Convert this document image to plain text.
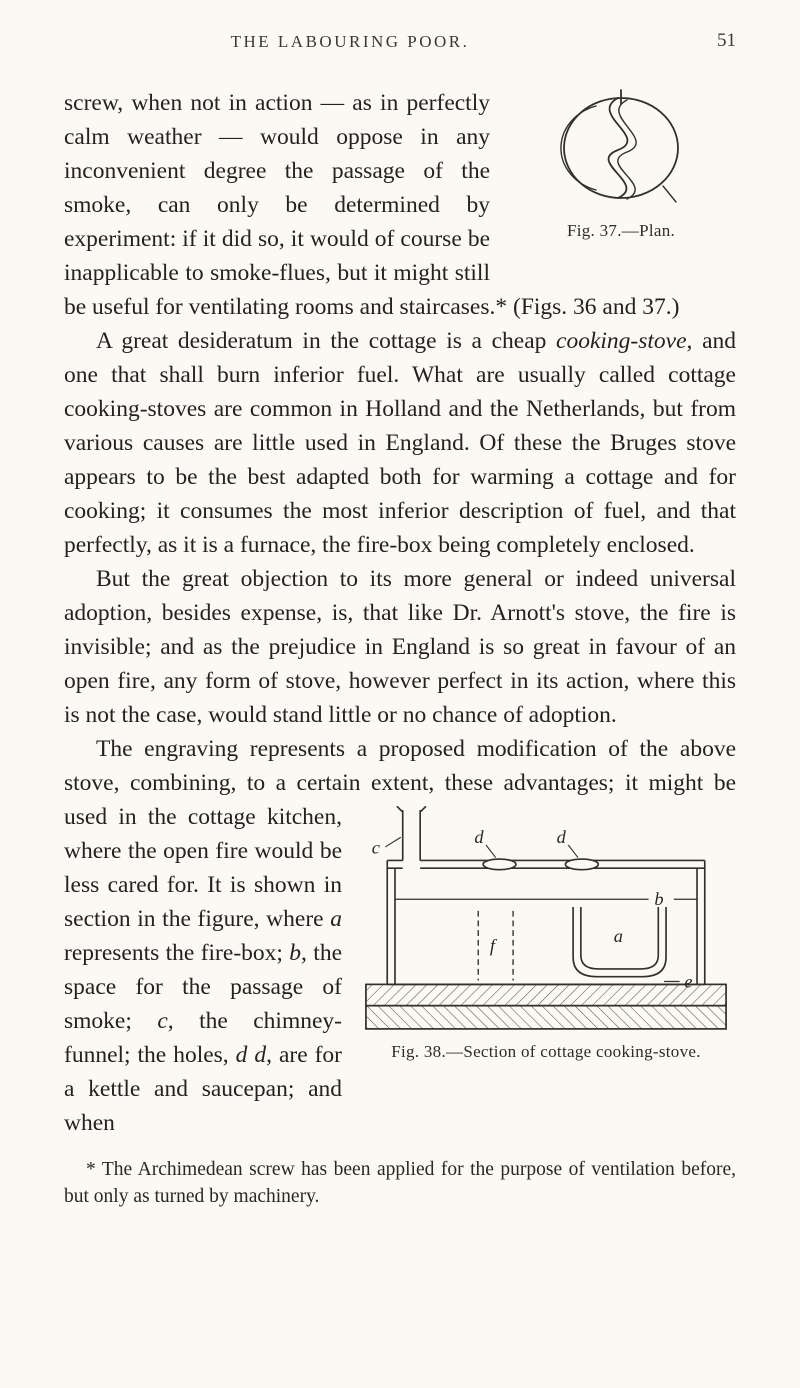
THE LABOURING POOR.	51

Fig. 37.—Plan.
screw, when not in action — as in perfectly calm weather — would oppose in any inconvenient degree the passage of the smoke, can only be determined by experiment: if it did so, it would of course be inapplicable to smoke-flues, but it might still be useful for ventilating rooms and staircases.* (Figs. 36 and 37.)

A great desideratum in the cottage is a cheap cooking-stove, and one that shall burn inferior fuel. What are usually called cottage cooking-stoves are common in Holland and the Netherlands, but from various causes are little used in England. Of these the Bruges stove appears to be the best adapted both for warming a cottage and for cooking; it consumes the most inferior description of fuel, and that perfectly, as it is a furnace, the fire-box being completely enclosed.

But the great objection to its more general or indeed universal adoption, besides expense, is, that like Dr. Arnott's stove, the fire is invisible; and as the prejudice in England is so great in favour of an open fire, any form of stove, however perfect in its action, where this is not the case, would stand little or no chance of adoption.

The engraving represents a proposed modification of the above stove, combining, to a certain extent, these advantages;
c
d	d
b
f	a
e
Fig. 38.—Section of cottage cooking-stove.
it might be used in the cottage kitchen, where the open fire would be less cared for. It is shown in section in the figure, where a represents the fire-box; b, the space for the passage of smoke; c, the chimney-funnel; the holes, d d, are for a kettle and saucepan; and when

* The Archimedean screw has been applied for the purpose of ventilation before, but only as turned by machinery.
